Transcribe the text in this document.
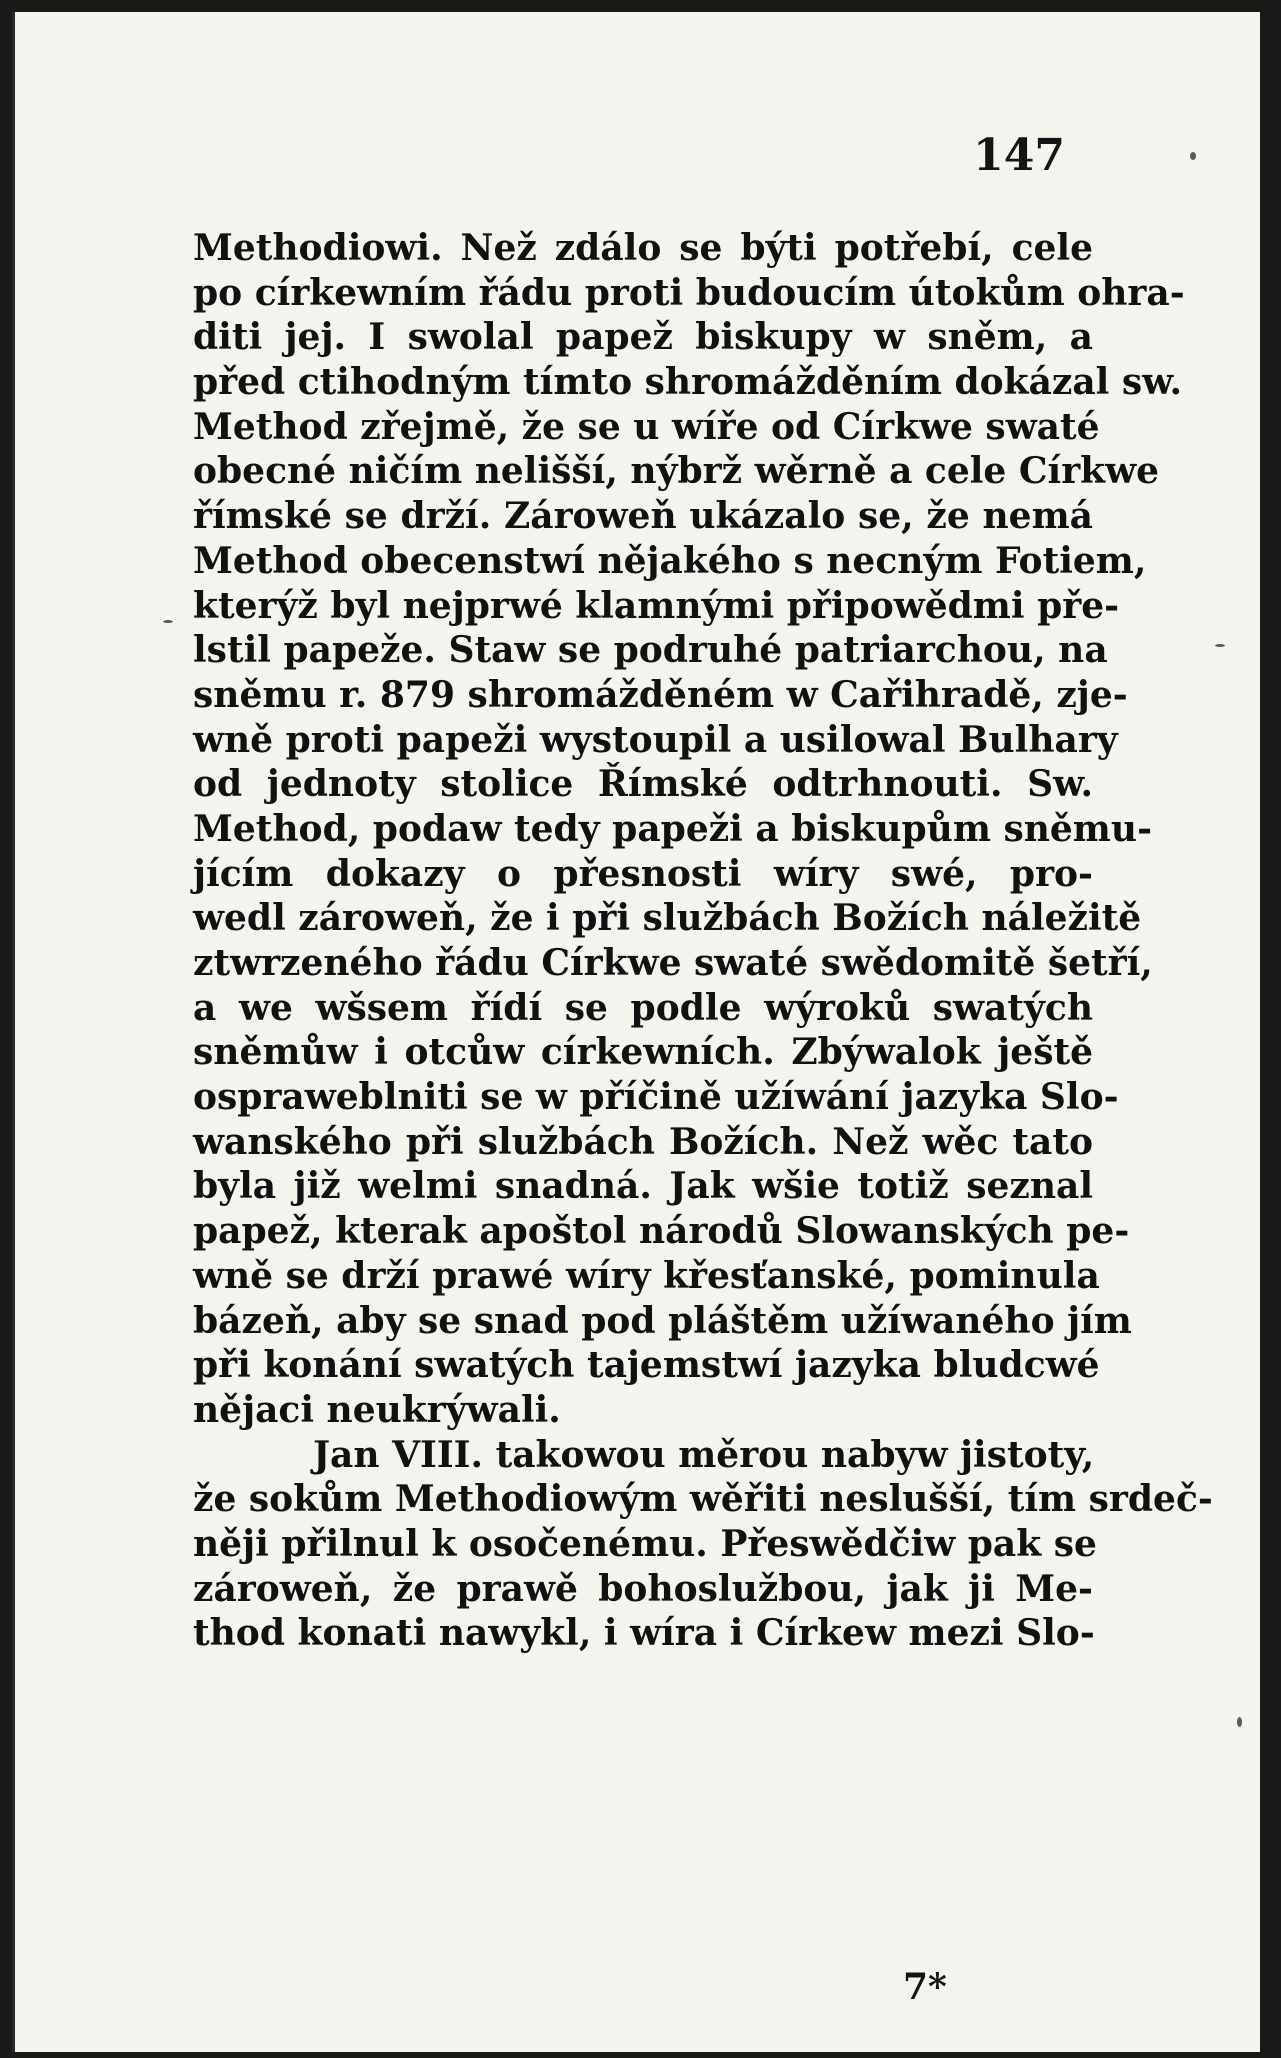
147
Methodiowi. Než zdálo se býti potřebí, cele
po církewním řádu proti budoucím útokům ohra-
diti jej. I swolal papež biskupy w sněm, a
před ctihodným tímto shromážděním dokázal sw.
Method zřejmě, že se u wíře od Církwe swaté
obecné ničím nelišší, nýbrž wěrně a cele Církwe
římské se drží. Zároweň ukázalo se, že nemá
Method obecenstwí nějakého s necným Fotiem,
kterýž byl nejprwé klamnými připowědmi pře-
lstil papeže. Staw se podruhé patriarchou, na
sněmu r. 879 shromážděném w Cařihradě, zje-
wně proti papeži wystoupil a usilowal Bulhary
od jednoty stolice Římské odtrhnouti. Sw.
Method, podaw tedy papeži a biskupům sněmu-
jícím dokazy o přesnosti wíry swé, pro-
wedl zároweň, že i při službách Božích náležitě
ztwrzeného řádu Církwe swaté swědomitě šetří,
a we wšsem řídí se podle wýroků swatých
sněmůw i otcůw církewních. Zbýwalok ještě
ospraweblniti se w příčině užíwání jazyka Slo-
wanského při službách Božích. Než wěc tato
byla již welmi snadná. Jak wšie totiž seznal
papež, kterak apoštol národů Slowanských pe-
wně se drží prawé wíry křesťanské, pominula
bázeň, aby se snad pod pláštěm užíwaného jím
při konání swatých tajemstwí jazyka bludcwé
nějaci neukrýwali.
Jan VIII. takowou měrou nabyw jistoty,
že sokům Methodiowým wěřiti neslušší, tím srdeč-
něji přilnul k osočenému. Přeswědčiw pak se
zároweň, že prawě bohoslužbou, jak ji Me-
thod konati nawykl, i wíra i Církew mezi Slo-
7*
